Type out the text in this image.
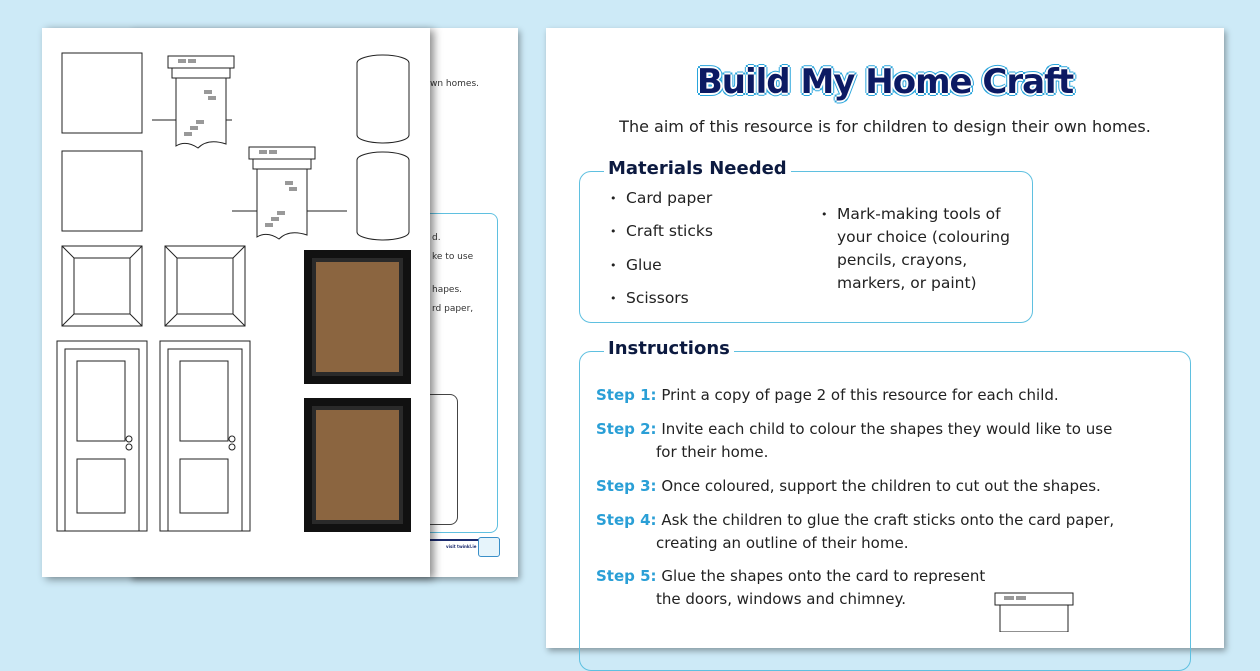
wn homes.
d.
ke to use
hapes.
rd paper,
visit twinkl.ie
Build My Home Craft
The aim of this resource is for children to design their own homes.
Materials Needed
• Card paper
• Craft sticks
• Glue
• Scissors
• Mark-making tools of
your choice (colouring
pencils, crayons,
markers, or paint)
Instructions
Step 1: Print a copy of page 2 of this resource for each child.
Step 2: Invite each child to colour the shapes they would like to use
for their home.
Step 3: Once coloured, support the children to cut out the shapes.
Step 4: Ask the children to glue the craft sticks onto the card paper,
creating an outline of their home.
Step 5: Glue the shapes onto the card to represent
the doors, windows and chimney.
